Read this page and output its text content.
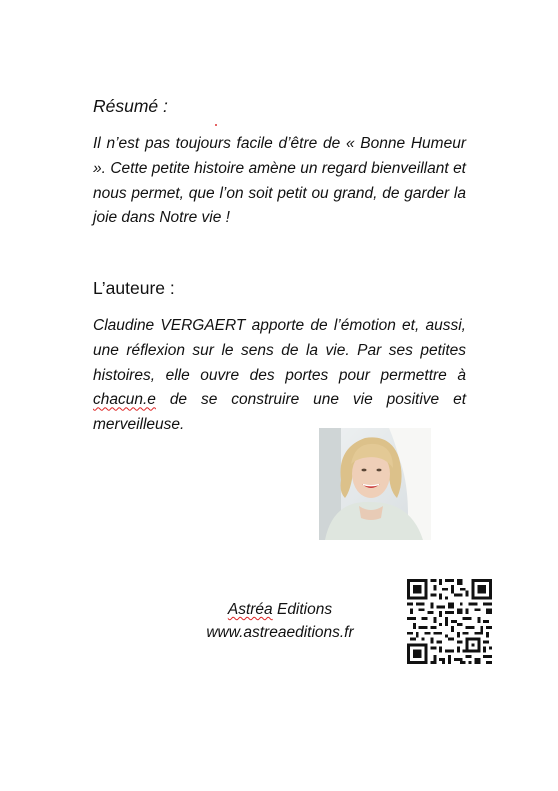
Résumé :

Il n’est pas toujours facile d’être de « Bonne Humeur ». Cette petite histoire amène un regard bienveillant et nous permet, que l’on soit petit ou grand, de garder la joie dans Notre vie !

L’auteure :

Claudine VERGAERT apporte de l’émotion et, aussi, une réflexion sur le sens de la vie. Par ses petites histoires, elle ouvre des portes pour permettre à chacun.e de se construire une vie positive et merveilleuse.

Astréa Editions
www.astreaeditions.fr
